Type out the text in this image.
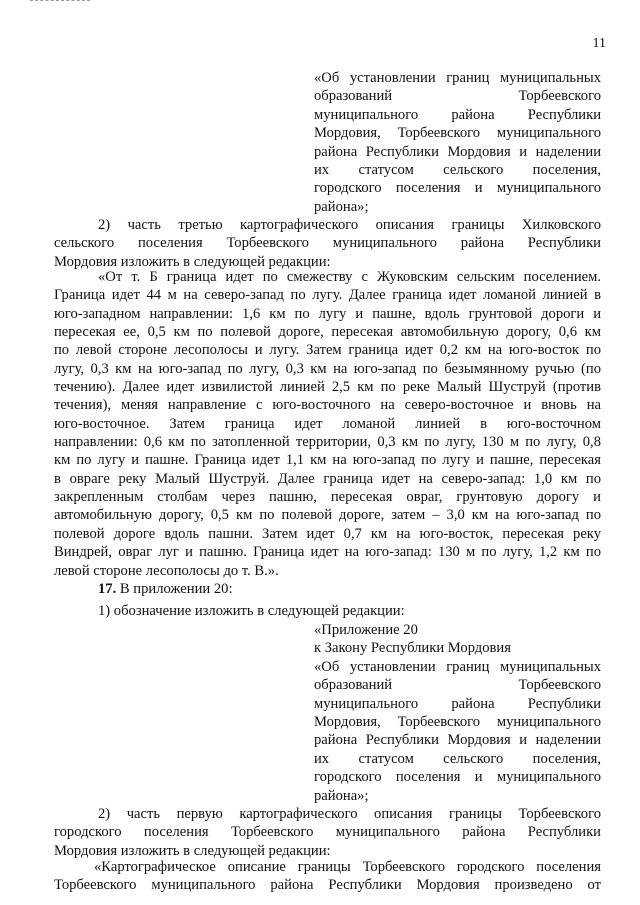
11

«Об установлении границ муниципальных

образований Торбеевского

муниципального района Республики

Мордовия, Торбеевского муниципального

района Республики Мордовия и наделении

их статусом сельского поселения,

городского поселения и муниципального

района»;

2) часть третью картографического описания границы Хилковского

сельского поселения Торбеевского муниципального района Республики

Мордовия изложить в следующей редакции:

«От т. Б граница идет по смежеству с Жуковским сельским поселением.

Граница идет 44 м на северо-запад по лугу. Далее граница идет ломаной линией в

юго-западном направлении: 1,6 км по лугу и пашне, вдоль грунтовой дороги и

пересекая ее, 0,5 км по полевой дороге, пересекая автомобильную дорогу, 0,6 км

по левой стороне лесополосы и лугу. Затем граница идет 0,2 км на юго-восток по

лугу, 0,3 км на юго-запад по лугу, 0,3 км на юго-запад по безымянному ручью (по

течению). Далее идет извилистой линией 2,5 км по реке Малый Шуструй (против

течения), меняя направление с юго-восточного на северо-восточное и вновь на

юго-восточное. Затем граница идет ломаной линией в юго-восточном

направлении: 0,6 км по затопленной территории, 0,3 км по лугу, 130 м по лугу, 0,8

км по лугу и пашне. Граница идет 1,1 км на юго-запад по лугу и пашне, пересекая

в овраге реку Малый Шуструй. Далее граница идет на северо-запад: 1,0 км по

закрепленным столбам через пашню, пересекая овраг, грунтовую дорогу и

автомобильную дорогу, 0,5 км по полевой дороге, затем – 3,0 км на юго-запад по

полевой дороге вдоль пашни. Затем идет 0,7 км на юго-восток, пересекая реку

Виндрей, овраг луг и пашню. Граница идет на юго-запад: 130 м по лугу, 1,2 км по

левой стороне лесополосы до т. В.».

17. В приложении 20:

1) обозначение изложить в следующей редакции:

«Приложение 20

к Закону Республики Мордовия

«Об установлении границ муниципальных

образований Торбеевского

муниципального района Республики

Мордовия, Торбеевского муниципального

района Республики Мордовия и наделении

их статусом сельского поселения,

городского поселения и муниципального

района»;

2) часть первую картографического описания границы Торбеевского

городского поселения Торбеевского муниципального района Республики

Мордовия изложить в следующей редакции:

«Картографическое описание границы Торбеевского городского поселения

Торбеевского муниципального района Республики Мордовия произведено от
